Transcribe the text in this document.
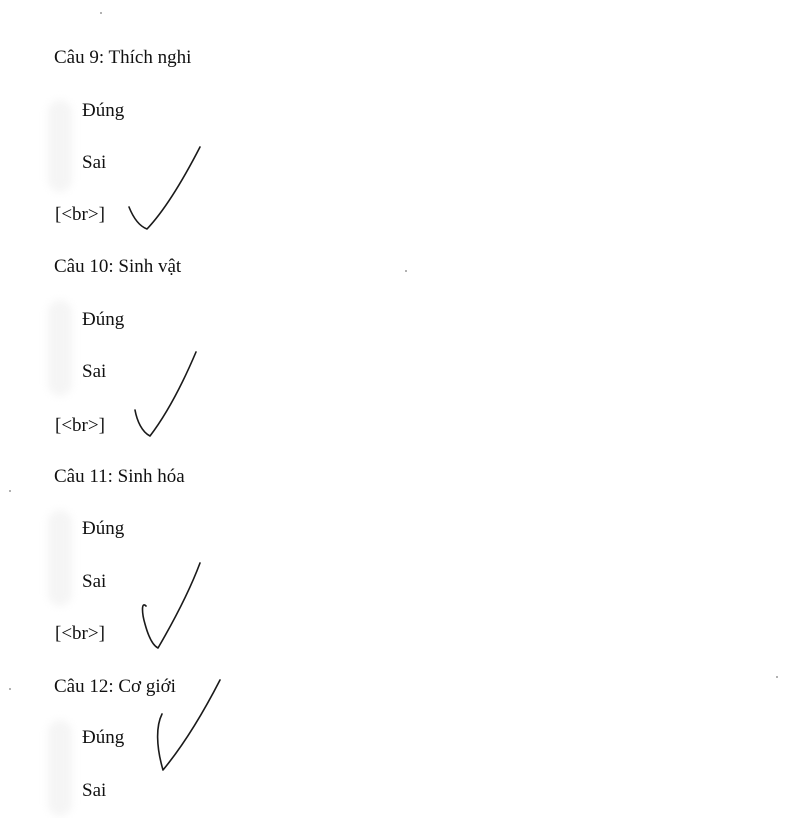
Câu 9: Thích nghi
Đúng
Sai
[<br>]
Câu 10: Sinh vật
Đúng
Sai
[<br>]
Câu 11: Sinh hóa
Đúng
Sai
[<br>]
Câu 12: Cơ giới
Đúng
Sai
